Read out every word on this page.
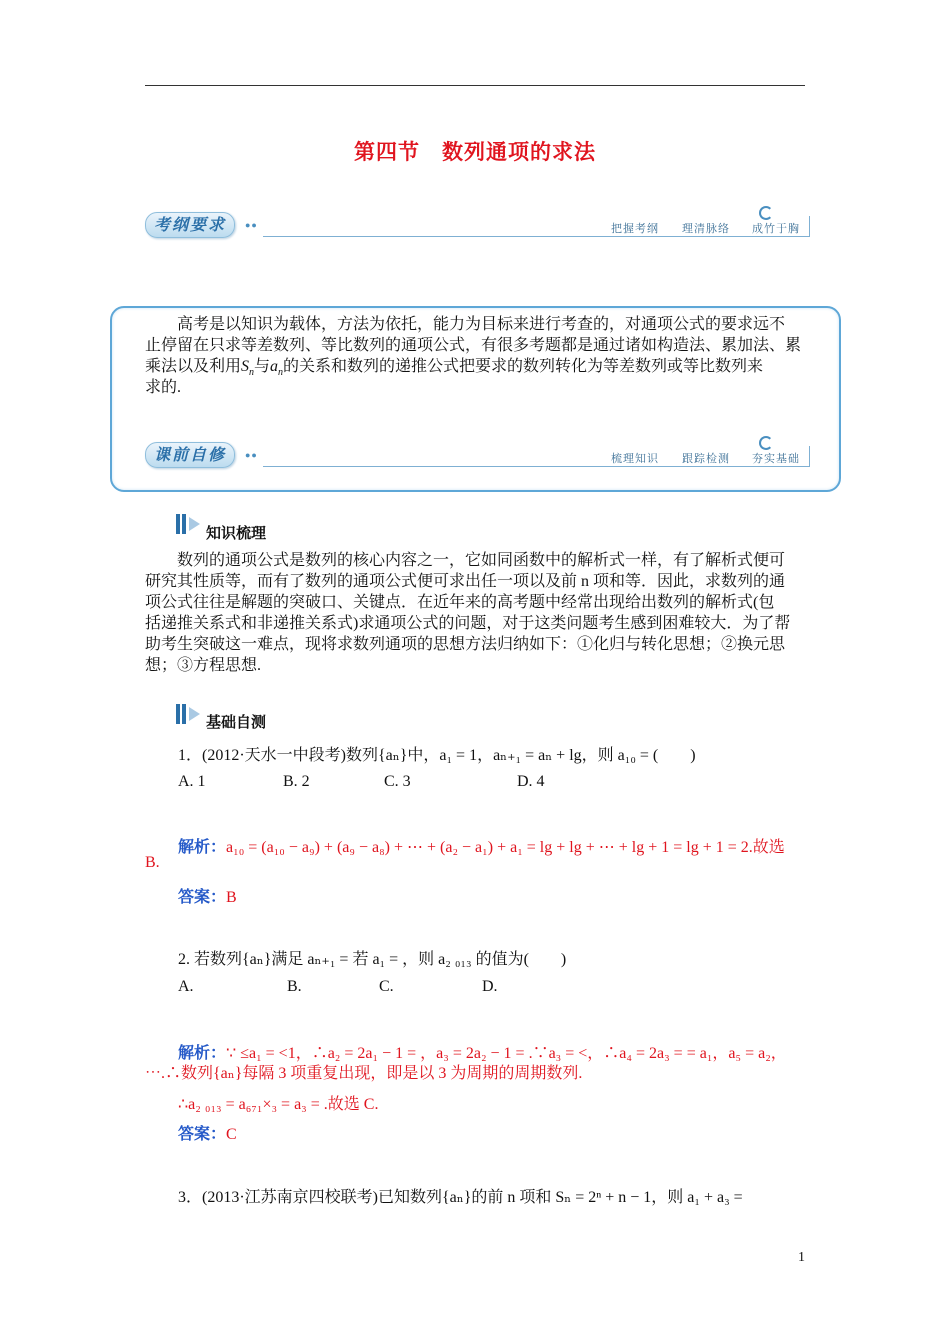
第四节　数列通项的求法
考纲要求	●●	把握考纲 理清脉络 成竹于胸
高考是以知识为载体，方法为依托，能力为目标来进行考查的，对通项公式的要求远不
止停留在只求等差数列、等比数列的通项公式，有很多考题都是通过诸如构造法、累加法、累
乘法以及利用$S_n$与$a_n$的关系和数列的递推公式把要求的数列转化为等差数列或等比数列来
求的.
课前自修	●●	梳理知识 跟踪检测 夯实基础
知识梳理
数列的通项公式是数列的核心内容之一，它如同函数中的解析式一样，有了解析式便可
研究其性质等，而有了数列的通项公式便可求出任一项以及前 n 项和等．因此，求数列的通
项公式往往是解题的突破口、关键点．在近年来的高考题中经常出现给出数列的解析式(包
括递推关系式和非递推关系式)求通项公式的问题，对于这类问题考生感到困难较大．为了帮
助考生突破这一难点，现将求数列通项的思想方法归纳如下：①化归与转化思想；②换元思
想；③方程思想.
基础自测
1．(2012·天水一中段考)数列{aₙ}中，a₁ = 1，aₙ₊₁ = aₙ + lg，则 a₁₀ = (　　)
A. 1	B. 2	C. 3	D. 4
解析：a₁₀ = (a₁₀ − a₉) + (a₉ − a₈) + ⋯ + (a₂ − a₁) + a₁ = lg + lg + ⋯ + lg + 1 = lg + 1 = 2.故选
B.
答案：B
2. 若数列{aₙ}满足 aₙ₊₁ = 若 a₁ = ，则 a₂ ₀₁₃ 的值为(　　)
A.	B.	C.	D.
解析：∵ ≤a₁ = <1，∴a₂ = 2a₁ − 1 = ，a₃ = 2a₂ − 1 = .∵a₃ = <，∴a₄ = 2a₃ = = a₁，a₅ = a₂，
⋯.∴数列{aₙ}每隔 3 项重复出现，即是以 3 为周期的周期数列.
∴a₂ ₀₁₃ = a₆₇₁×₃ = a₃ = .故选 C.
答案：C
3．(2013·江苏南京四校联考)已知数列{aₙ}的前 n 项和 Sₙ = 2ⁿ + n − 1，则 a₁ + a₃ =
1
